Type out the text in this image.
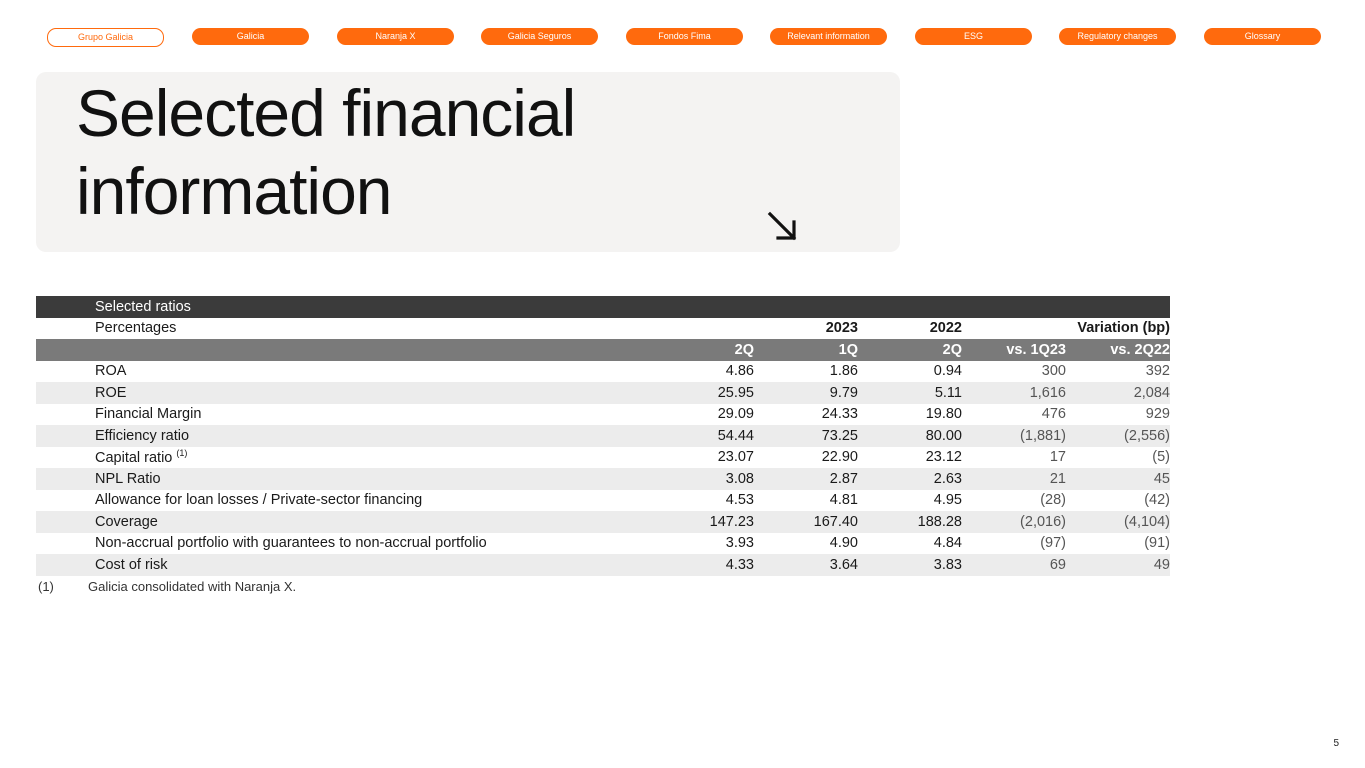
Grupo Galicia	Galicia	Naranja X	Galicia Seguros	Fondos Fima	Relevant information	ESG	Regulatory changes	Glossary
Selected financial information
Selected ratios					
Percentages		2023	2022		Variation (bp)
	2Q	1Q	2Q	vs. 1Q23	vs. 2Q22
ROA	4.86	1.86	0.94	300	392
ROE	25.95	9.79	5.11	1,616	2,084
Financial Margin	29.09	24.33	19.80	476	929
Efficiency ratio	54.44	73.25	80.00	(1,881)	(2,556)
Capital ratio $^{(1)}$	23.07	22.90	23.12	17	(5)
NPL Ratio	3.08	2.87	2.63	21	45
Allowance for loan losses / Private-sector financing	4.53	4.81	4.95	(28)	(42)
Coverage	147.23	167.40	188.28	(2,016)	(4,104)
Non-accrual portfolio with guarantees to non-accrual portfolio	3.93	4.90	4.84	(97)	(91)
Cost of risk	4.33	3.64	3.83	69	49
(1)	Galicia consolidated with Naranja X.
5
